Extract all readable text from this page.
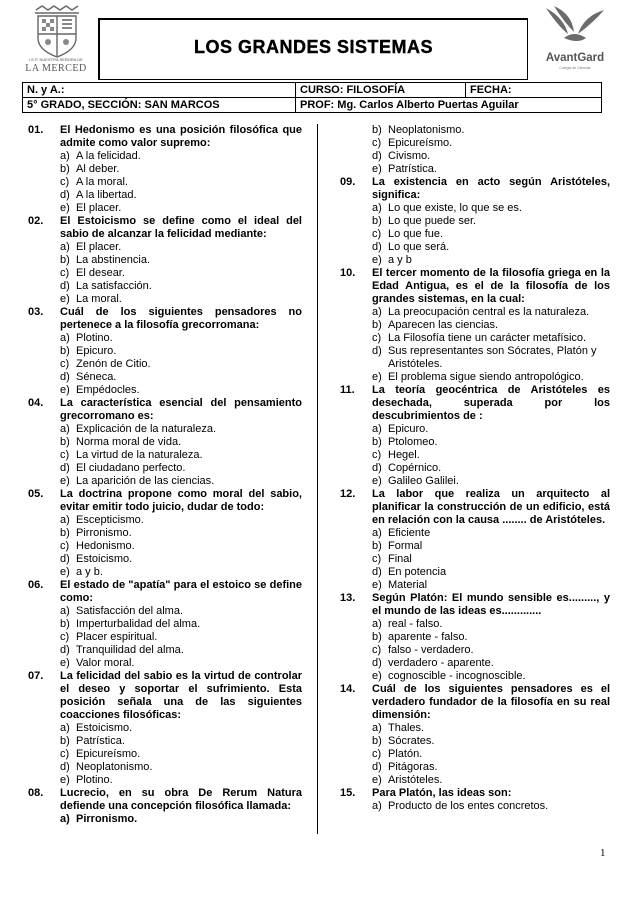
I.E.P. NUESTRA SEÑORA DE
LA MERCED
LOS GRANDES SISTEMAS
AvantGard
Colegio de Ciencias
N. y A.:	CURSO: FILOSOFÍA	FECHA:
5° GRADO, SECCIÓN: SAN MARCOS	PROF: Mg. Carlos Alberto Puertas Aguilar	
01. El Hedonismo es una posición filosófica que admite como valor supremo:
a) A la felicidad.
b) Al deber.
c) A la moral.
d) A la libertad.
e) El placer.
02. El Estoicismo se define como el ideal del sabio de alcanzar la felicidad mediante:
a) El placer.
b) La abstinencia.
c) El desear.
d) La satisfacción.
e) La moral.
03. Cuál de los siguientes pensadores no pertenece a la filosofía grecorromana:
a) Plotino.
b) Epicuro.
c) Zenón de Citio.
d) Séneca.
e) Empédocles.
04. La característica esencial del pensamiento grecorromano es:
a) Explicación de la naturaleza.
b) Norma moral de vida.
c) La virtud de la naturaleza.
d) El ciudadano perfecto.
e) La aparición de las ciencias.
05. La doctrina propone como moral del sabio, evitar emitir todo juicio, dudar de todo:
a) Escepticismo.
b) Pirronismo.
c) Hedonismo.
d) Estoicismo.
e) a y b.
06. El estado de "apatía" para el estoico se define como:
a) Satisfacción del alma.
b) Imperturbalidad del alma.
c) Placer espiritual.
d) Tranquilidad del alma.
e) Valor moral.
07. La felicidad del sabio es la virtud de controlar el deseo y soportar el sufrimiento. Esta posición señala una de las siguientes coacciones filosóficas:
a) Estoicismo.
b) Patrística.
c) Epicureísmo.
d) Neoplatonismo.
e) Plotino.
08. Lucrecio, en su obra De Rerum Natura defiende una concepción filosófica llamada:
a) Pirronismo.
b) Neoplatonismo.
c) Epicureísmo.
d) Civismo.
e) Patrística.
09. La existencia en acto según Aristóteles, significa:
a) Lo que existe, lo que se es.
b) Lo que puede ser.
c) Lo que fue.
d) Lo que será.
e) a y b
10. El tercer momento de la filosofía griega en la Edad Antigua, es el de la filosofía de los grandes sistemas, en la cual:
a) La preocupación central es la naturaleza.
b) Aparecen las ciencias.
c) La Filosofía tiene un carácter metafísico.
d) Sus representantes son Sócrates, Platón y Aristóteles.
e) El problema sigue siendo antropológico.
11. La teoría geocéntrica de Aristóteles es desechada, superada por los descubrimientos de :
a) Epicuro.
b) Ptolomeo.
c) Hegel.
d) Copérnico.
e) Galileo Galilei.
12. La labor que realiza un arquitecto al planificar la construcción de un edificio, está en relación con la causa ........ de Aristóteles.
a) Eficiente
b) Formal
c) Final
d) En potencia
e) Material
13. Según Platón: El mundo sensible es........., y el mundo de las ideas es.............
a) real - falso.
b) aparente - falso.
c) falso - verdadero.
d) verdadero - aparente.
e) cognoscible - incognoscible.
14. Cuál de los siguientes pensadores es el verdadero fundador de la filosofía en su real dimensión:
a) Thales.
b) Sócrates.
c) Platón.
d) Pitágoras.
e) Aristóteles.
15. Para Platón, las ideas son:
a) Producto de los entes concretos.
1
